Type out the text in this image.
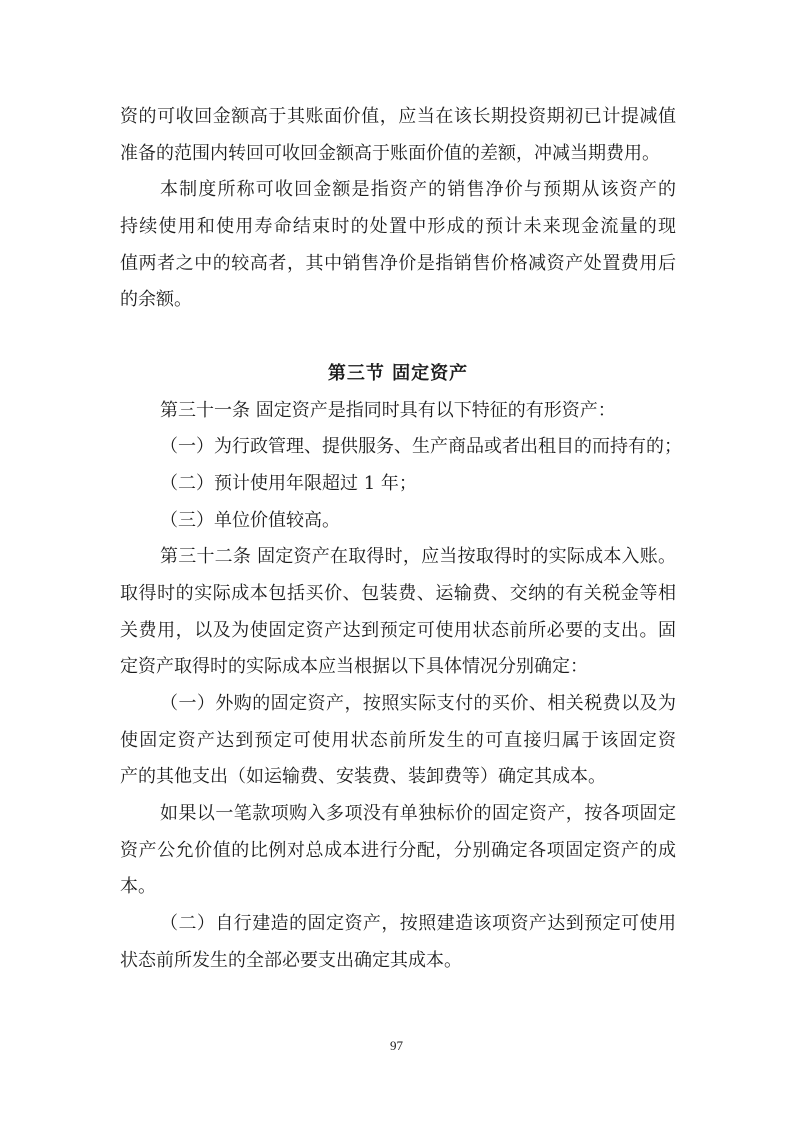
资的可收回金额高于其账面价值，应当在该长期投资期初已计提减值
准备的范围内转回可收回金额高于账面价值的差额，冲减当期费用。
本制度所称可收回金额是指资产的销售净价与预期从该资产的
持续使用和使用寿命结束时的处置中形成的预计未来现金流量的现
值两者之中的较高者，其中销售净价是指销售价格减资产处置费用后
的余额。
第三节 固定资产
第三十一条 固定资产是指同时具有以下特征的有形资产：
（一）为行政管理、提供服务、生产商品或者出租目的而持有的；
（二）预计使用年限超过 1 年；
（三）单位价值较高。
第三十二条 固定资产在取得时，应当按取得时的实际成本入账。
取得时的实际成本包括买价、包装费、运输费、交纳的有关税金等相
关费用，以及为使固定资产达到预定可使用状态前所必要的支出。固
定资产取得时的实际成本应当根据以下具体情况分别确定：
（一）外购的固定资产，按照实际支付的买价、相关税费以及为
使固定资产达到预定可使用状态前所发生的可直接归属于该固定资
产的其他支出（如运输费、安装费、装卸费等）确定其成本。
如果以一笔款项购入多项没有单独标价的固定资产，按各项固定
资产公允价值的比例对总成本进行分配，分别确定各项固定资产的成
本。
（二）自行建造的固定资产，按照建造该项资产达到预定可使用
状态前所发生的全部必要支出确定其成本。
97
